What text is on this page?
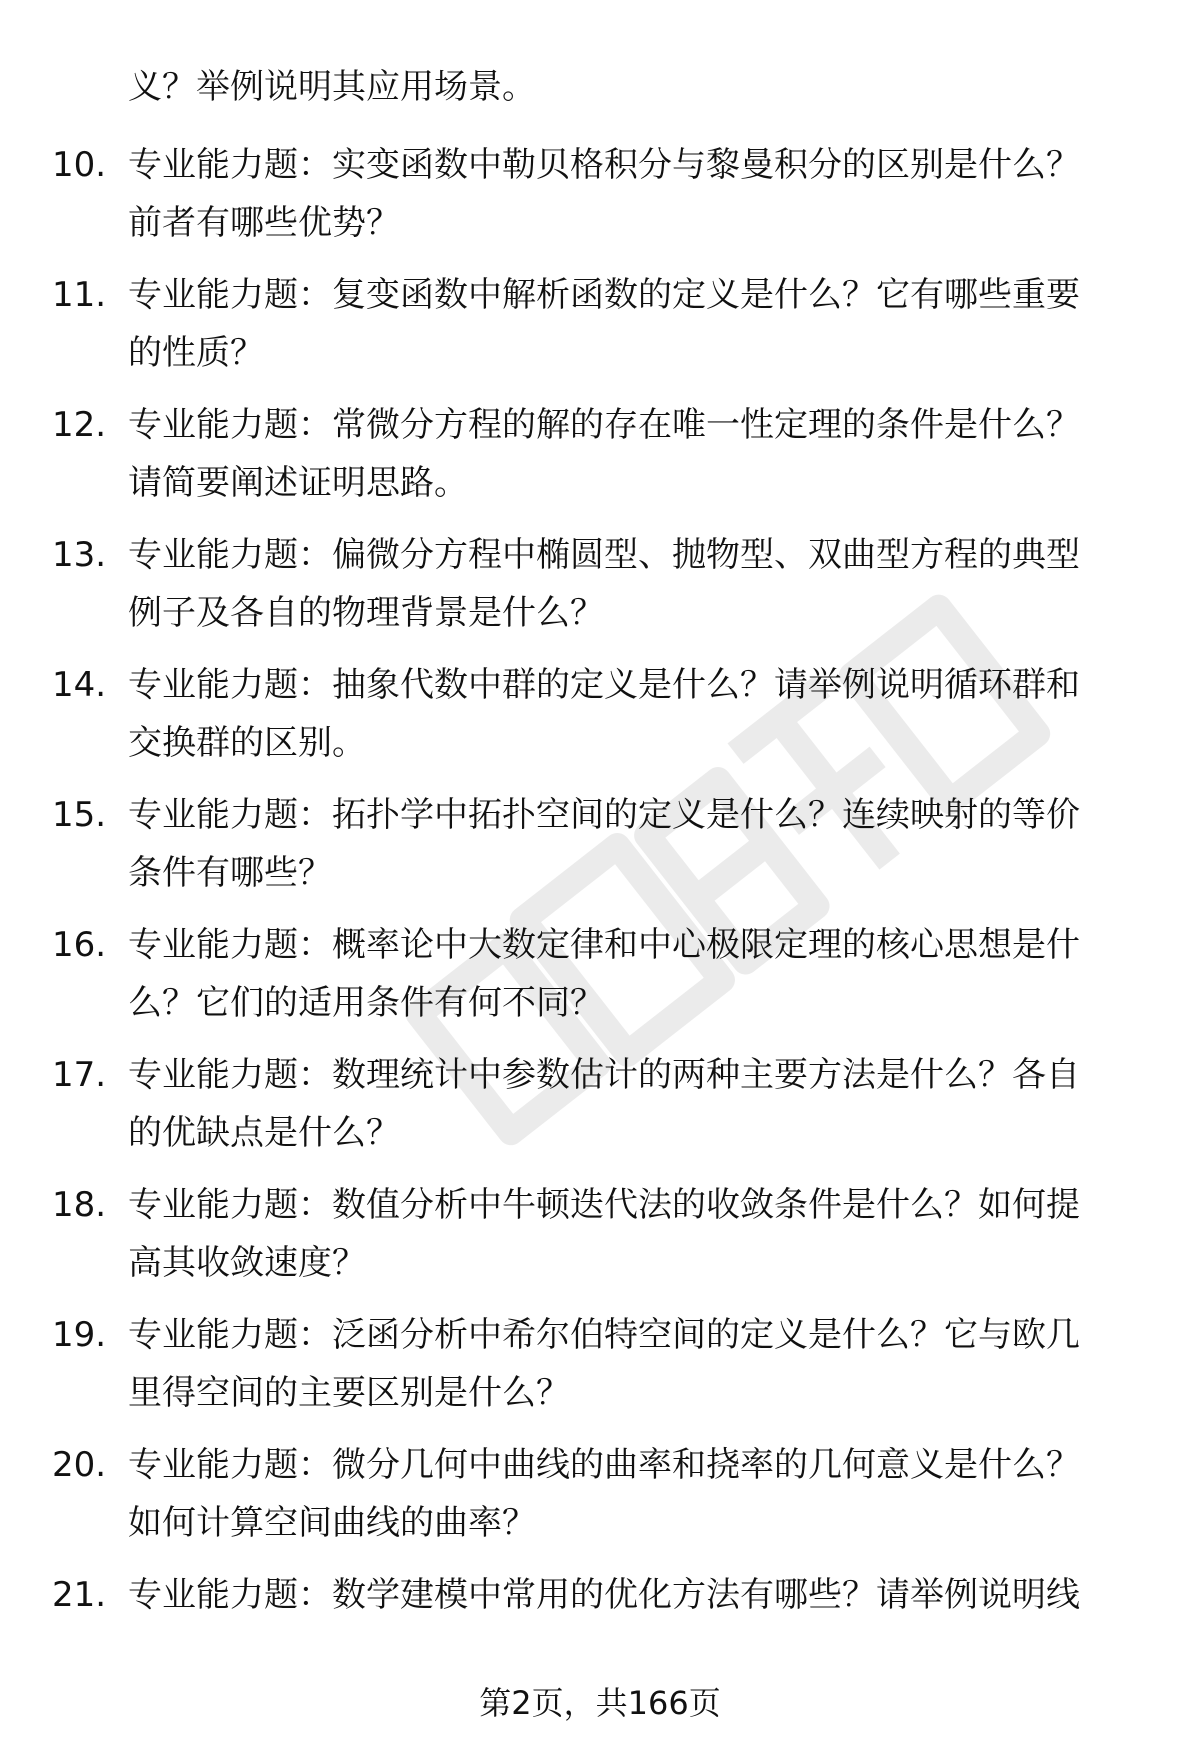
义？举例说明其应用场景。
10. 专业能力题：实变函数中勒贝格积分与黎曼积分的区别是什么？
前者有哪些优势？
11. 专业能力题：复变函数中解析函数的定义是什么？它有哪些重要
的性质？
12. 专业能力题：常微分方程的解的存在唯一性定理的条件是什么？
请简要阐述证明思路。
13. 专业能力题：偏微分方程中椭圆型、抛物型、双曲型方程的典型
例子及各自的物理背景是什么？
14. 专业能力题：抽象代数中群的定义是什么？请举例说明循环群和
交换群的区别。
15. 专业能力题：拓扑学中拓扑空间的定义是什么？连续映射的等价
条件有哪些？
16. 专业能力题：概率论中大数定律和中心极限定理的核心思想是什
么？它们的适用条件有何不同？
17. 专业能力题：数理统计中参数估计的两种主要方法是什么？各自
的优缺点是什么？
18. 专业能力题：数值分析中牛顿迭代法的收敛条件是什么？如何提
高其收敛速度？
19. 专业能力题：泛函分析中希尔伯特空间的定义是什么？它与欧几
里得空间的主要区别是什么？
20. 专业能力题：微分几何中曲线的曲率和挠率的几何意义是什么？
如何计算空间曲线的曲率？
21. 专业能力题：数学建模中常用的优化方法有哪些？请举例说明线
第2页，共166页
